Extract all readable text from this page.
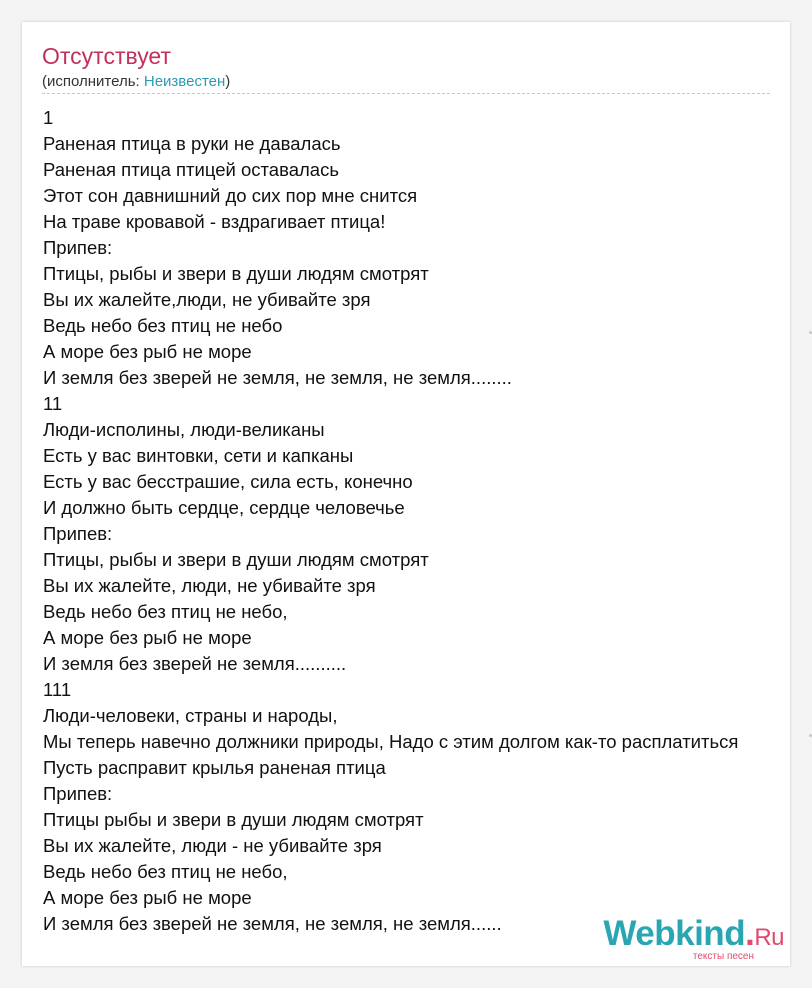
Отсутствует
(исполнитель: Неизвестен)
1
Раненая птица в руки не давалась
Раненая птица птицей оставалась
Этот сон давнишний до сих пор мне снится
На траве кровавой - вздрагивает птица!
Припев:
Птицы, рыбы и звери в души людям смотрят
Вы их жалейте,люди, не убивайте зря
Ведь небо без птиц не небо
А море без рыб не море
И земля без зверей не земля, не земля, не земля........
11
Люди-исполины, люди-великаны
Есть у вас винтовки, сети и капканы
Есть у вас бесстрашие, сила есть, конечно
И должно быть сердце, сердце человечье
Припев:
Птицы, рыбы и звери в души людям смотрят
Вы их жалейте, люди, не убивайте зря
Ведь небо без птиц не небо,
А море без рыб не море
И земля без зверей не земля..........
111
Люди-человеки, страны и народы,
Мы теперь навечно должники природы, Надо с этим долгом как-то расплатиться
Пусть расправит крылья раненая птица
Припев:
Птицы рыбы и звери в души людям смотрят
Вы их жалейте, люди - не убивайте зря
Ведь небо без птиц не небо,
А море без рыб не море
И земля без зверей не земля, не земля, не земля......	Webkind.Ru
тексты песен
